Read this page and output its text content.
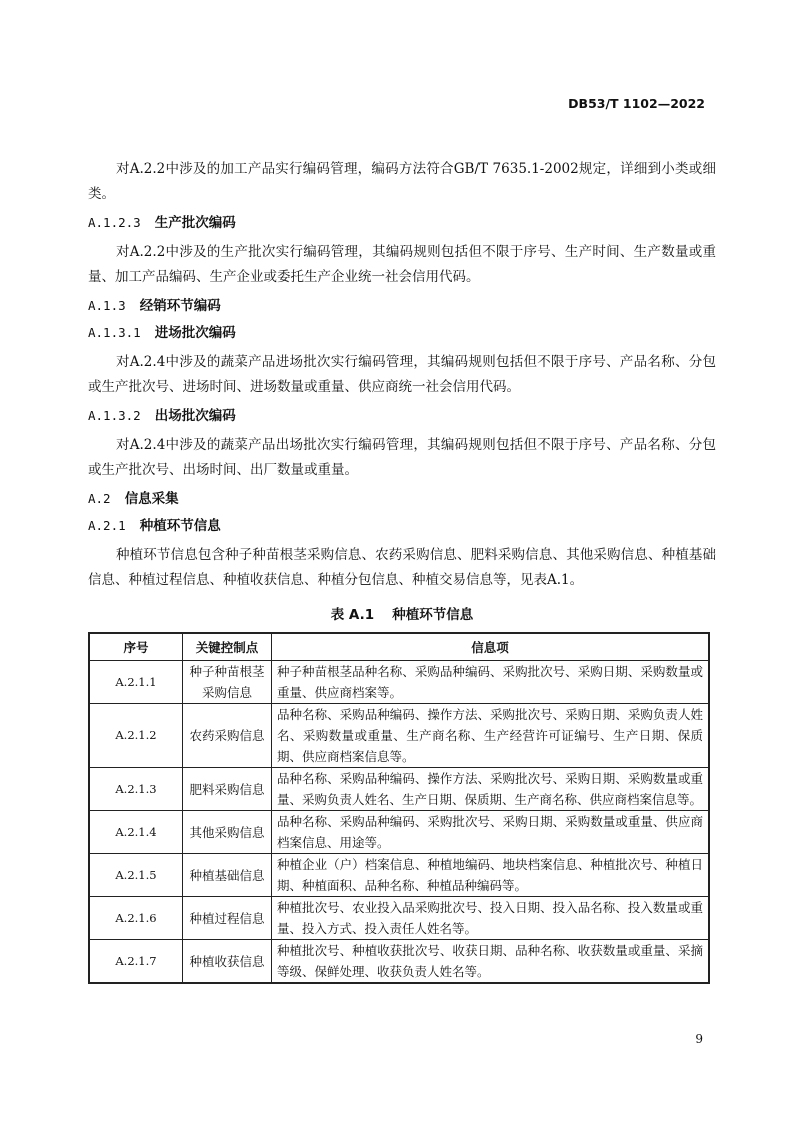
DB53/T 1102—2022

对A.2.2中涉及的加工产品实行编码管理，编码方法符合GB/T 7635.1-2002规定，详细到小类或细类。

A.1.2.3 生产批次编码

对A.2.2中涉及的生产批次实行编码管理，其编码规则包括但不限于序号、生产时间、生产数量或重量、加工产品编码、生产企业或委托生产企业统一社会信用代码。

A.1.3 经销环节编码
A.1.3.1 进场批次编码

对A.2.4中涉及的蔬菜产品进场批次实行编码管理，其编码规则包括但不限于序号、产品名称、分包或生产批次号、进场时间、进场数量或重量、供应商统一社会信用代码。

A.1.3.2 出场批次编码

对A.2.4中涉及的蔬菜产品出场批次实行编码管理，其编码规则包括但不限于序号、产品名称、分包或生产批次号、出场时间、出厂数量或重量。

A.2 信息采集
A.2.1 种植环节信息

种植环节信息包含种子种苗根茎采购信息、农药采购信息、肥料采购信息、其他采购信息、种植基础信息、种植过程信息、种植收获信息、种植分包信息、种植交易信息等，见表A.1。

表 A.1　 种植环节信息
序号	关键控制点	信息项
A.2.1.1	种子种苗根茎采购信息	种子种苗根茎品种名称、采购品种编码、采购批次号、采购日期、采购数量或重量、供应商档案等。
A.2.1.2	农药采购信息	品种名称、采购品种编码、操作方法、采购批次号、采购日期、采购负责人姓名、采购数量或重量、生产商名称、生产经营许可证编号、生产日期、保质期、供应商档案信息等。
A.2.1.3	肥料采购信息	品种名称、采购品种编码、操作方法、采购批次号、采购日期、采购数量或重量、采购负责人姓名、生产日期、保质期、生产商名称、供应商档案信息等。
A.2.1.4	其他采购信息	品种名称、采购品种编码、采购批次号、采购日期、采购数量或重量、供应商档案信息、用途等。
A.2.1.5	种植基础信息	种植企业（户）档案信息、种植地编码、地块档案信息、种植批次号、种植日期、种植面积、品种名称、种植品种编码等。
A.2.1.6	种植过程信息	种植批次号、农业投入品采购批次号、投入日期、投入品名称、投入数量或重量、投入方式、投入责任人姓名等。
A.2.1.7	种植收获信息	种植批次号、种植收获批次号、收获日期、品种名称、收获数量或重量、采摘等级、保鲜处理、收获负责人姓名等。
9
